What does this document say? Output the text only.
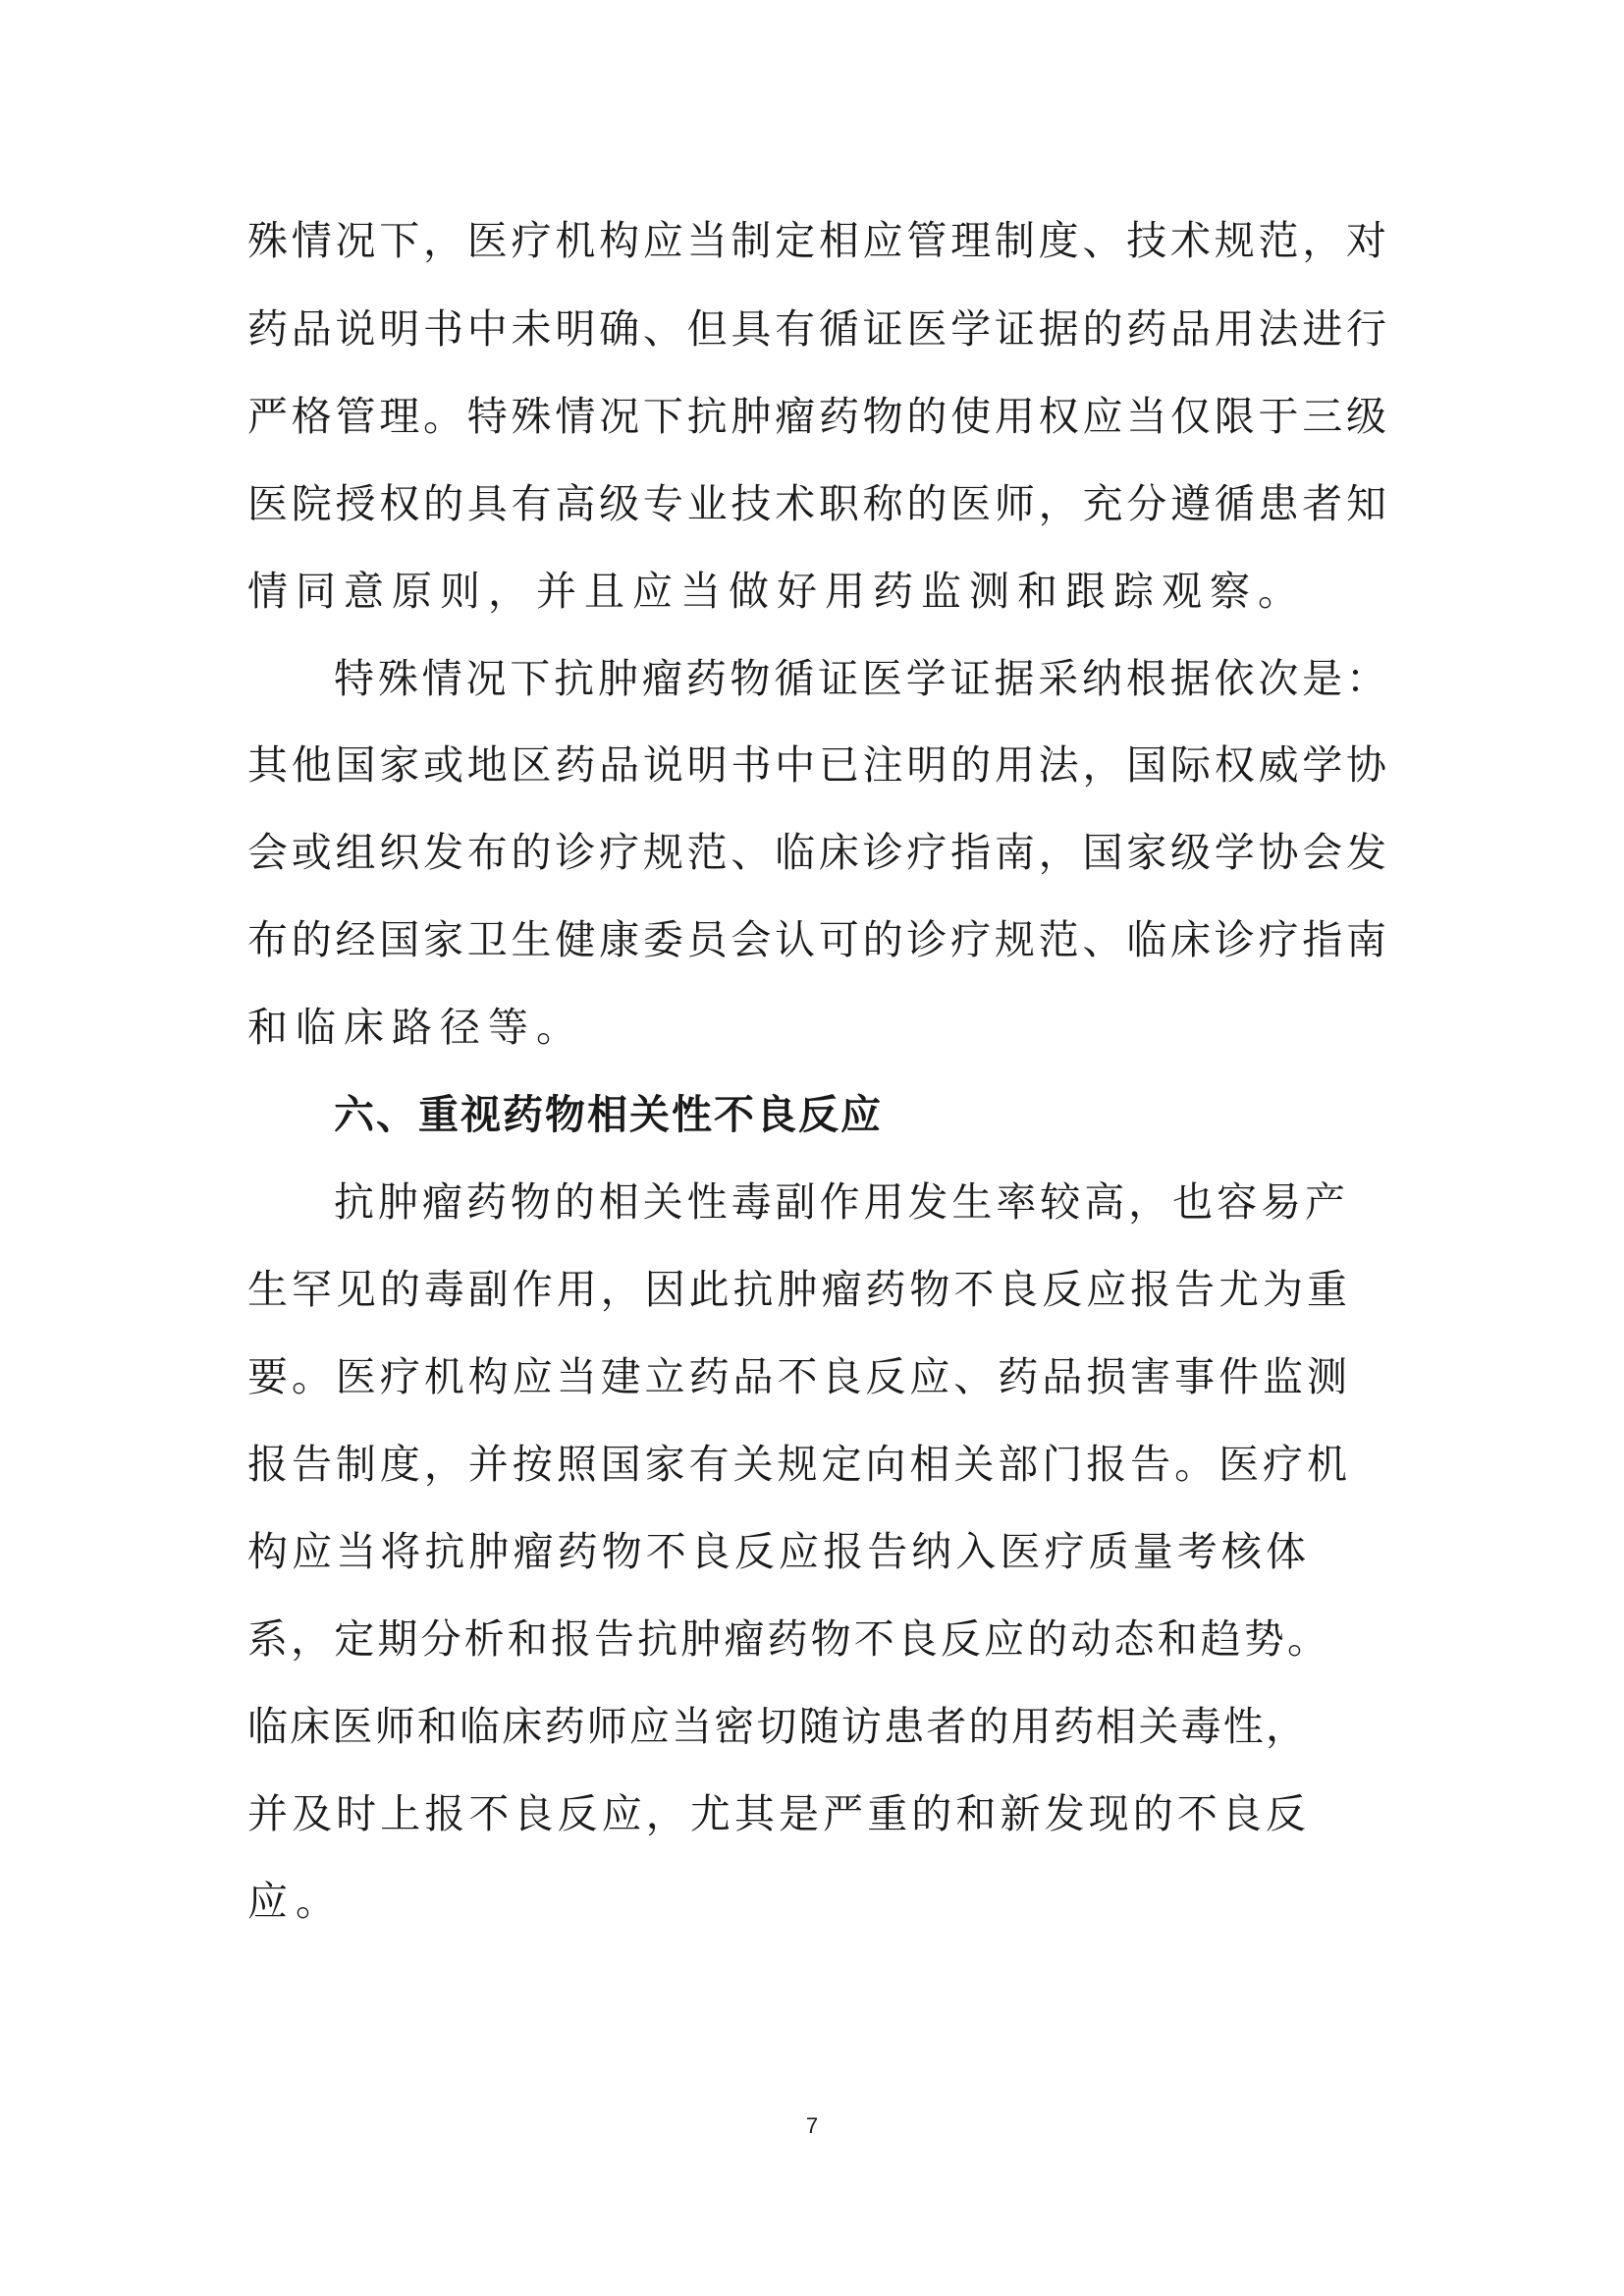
殊情况下，医疗机构应当制定相应管理制度、技术规范，对
药品说明书中未明确、但具有循证医学证据的药品用法进行
严格管理。特殊情况下抗肿瘤药物的使用权应当仅限于三级
医院授权的具有高级专业技术职称的医师，充分遵循患者知
情同意原则，并且应当做好用药监测和跟踪观察。
特殊情况下抗肿瘤药物循证医学证据采纳根据依次是：
其他国家或地区药品说明书中已注明的用法，国际权威学协
会或组织发布的诊疗规范、临床诊疗指南，国家级学协会发
布的经国家卫生健康委员会认可的诊疗规范、临床诊疗指南
和临床路径等。
六、重视药物相关性不良反应
抗肿瘤药物的相关性毒副作用发生率较高，也容易产
生罕见的毒副作用，因此抗肿瘤药物不良反应报告尤为重
要。医疗机构应当建立药品不良反应、药品损害事件监测
报告制度，并按照国家有关规定向相关部门报告。医疗机
构应当将抗肿瘤药物不良反应报告纳入医疗质量考核体
系，定期分析和报告抗肿瘤药物不良反应的动态和趋势。
临床医师和临床药师应当密切随访患者的用药相关毒性，
并及时上报不良反应，尤其是严重的和新发现的不良反
应。
7
